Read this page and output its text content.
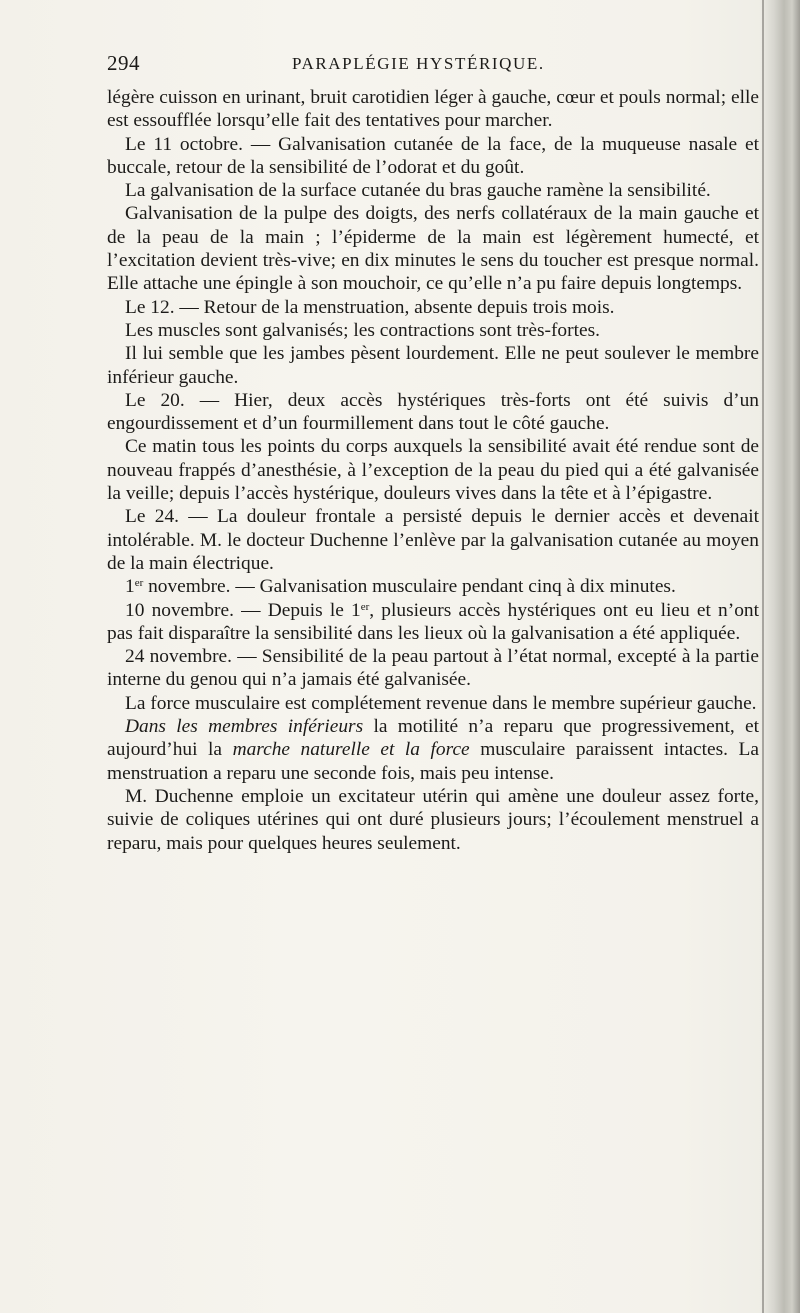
294	PARAPLÉGIE HYSTÉRIQUE.

légère cuisson en urinant, bruit carotidien léger à gauche, cœur et pouls normal; elle est essoufflée lorsqu’elle fait des tentatives pour marcher.

Le 11 octobre. — Galvanisation cutanée de la face, de la muqueuse nasale et buccale, retour de la sensibilité de l’odorat et du goût.

La galvanisation de la surface cutanée du bras gauche ramène la sensibilité.

Galvanisation de la pulpe des doigts, des nerfs collatéraux de la main gauche et de la peau de la main ; l’épiderme de la main est légèrement humecté, et l’excitation devient très-vive; en dix minutes le sens du toucher est presque normal. Elle attache une épingle à son mouchoir, ce qu’elle n’a pu faire depuis longtemps.

Le 12. — Retour de la menstruation, absente depuis trois mois.

Les muscles sont galvanisés; les contractions sont très-fortes.

Il lui semble que les jambes pèsent lourdement. Elle ne peut soulever le membre inférieur gauche.

Le 20. — Hier, deux accès hystériques très-forts ont été suivis d’un engourdissement et d’un fourmillement dans tout le côté gauche.

Ce matin tous les points du corps auxquels la sensibilité avait été rendue sont de nouveau frappés d’anesthésie, à l’exception de la peau du pied qui a été galvanisée la veille; depuis l’accès hystérique, douleurs vives dans la tête et à l’épigastre.

Le 24. — La douleur frontale a persisté depuis le dernier accès et devenait intolérable. M. le docteur Duchenne l’enlève par la galvanisation cutanée au moyen de la main électrique.

1er novembre. — Galvanisation musculaire pendant cinq à dix minutes.

10 novembre. — Depuis le 1er, plusieurs accès hystériques ont eu lieu et n’ont pas fait disparaître la sensibilité dans les lieux où la galvanisation a été appliquée.

24 novembre. — Sensibilité de la peau partout à l’état normal, excepté à la partie interne du genou qui n’a jamais été galvanisée.

La force musculaire est complétement revenue dans le membre supérieur gauche.

Dans les membres inférieurs la motilité n’a reparu que progressivement, et aujourd’hui la marche naturelle et la force musculaire paraissent intactes. La menstruation a reparu une seconde fois, mais peu intense.

M. Duchenne emploie un excitateur utérin qui amène une douleur assez forte, suivie de coliques utérines qui ont duré plusieurs jours; l’écoulement menstruel a reparu, mais pour quelques heures seulement.
